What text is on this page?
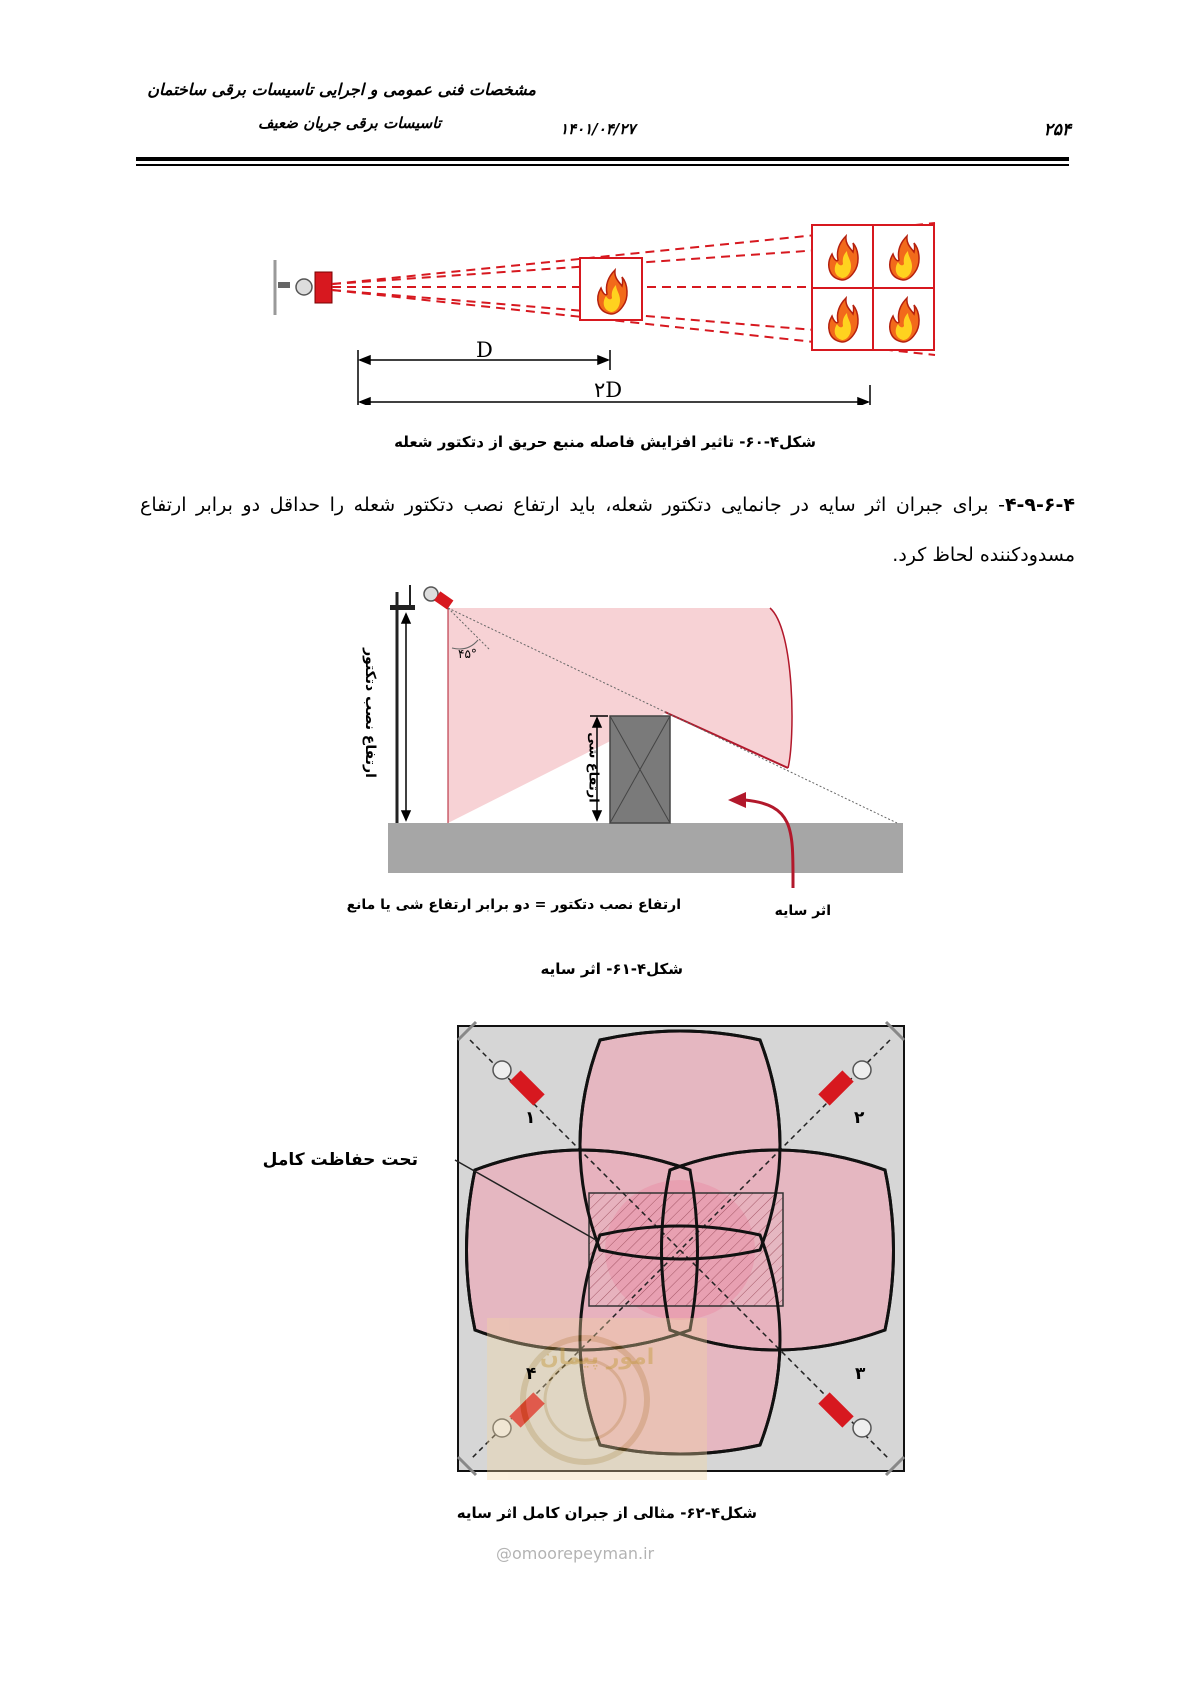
مشخصات فنی عمومی و اجرایی تاسیسات برقی ساختمان
تاسیسات برقی جریان ضعیف	۱۴۰۱/۰۴/۲۷	۲۵۴
D
۲D
شکل۴-۶۰- تاثیر افزایش فاصله منبع حریق از دتکتور شعله
۴-۹-۶-۴- برای جبران اثر سایه در جانمایی دتکتور شعله، باید ارتفاع نصب دتکتور شعله را حداقل دو برابر ارتفاع مسدودکننده لحاظ کرد.
۴۵°
ارتفاع نصب دتکتور	ارتفاع شی
ارتفاع نصب دتکتور = دو برابر ارتفاع شی یا مانع	اثر سایه
شکل۴-۶۱- اثر سایه
۱	۲
۳
۴
تحت حفاظت کامل
امور پیمان
شکل۴-۶۲- مثالی از جبران کامل اثر سایه
@omoorepeyman.ir
